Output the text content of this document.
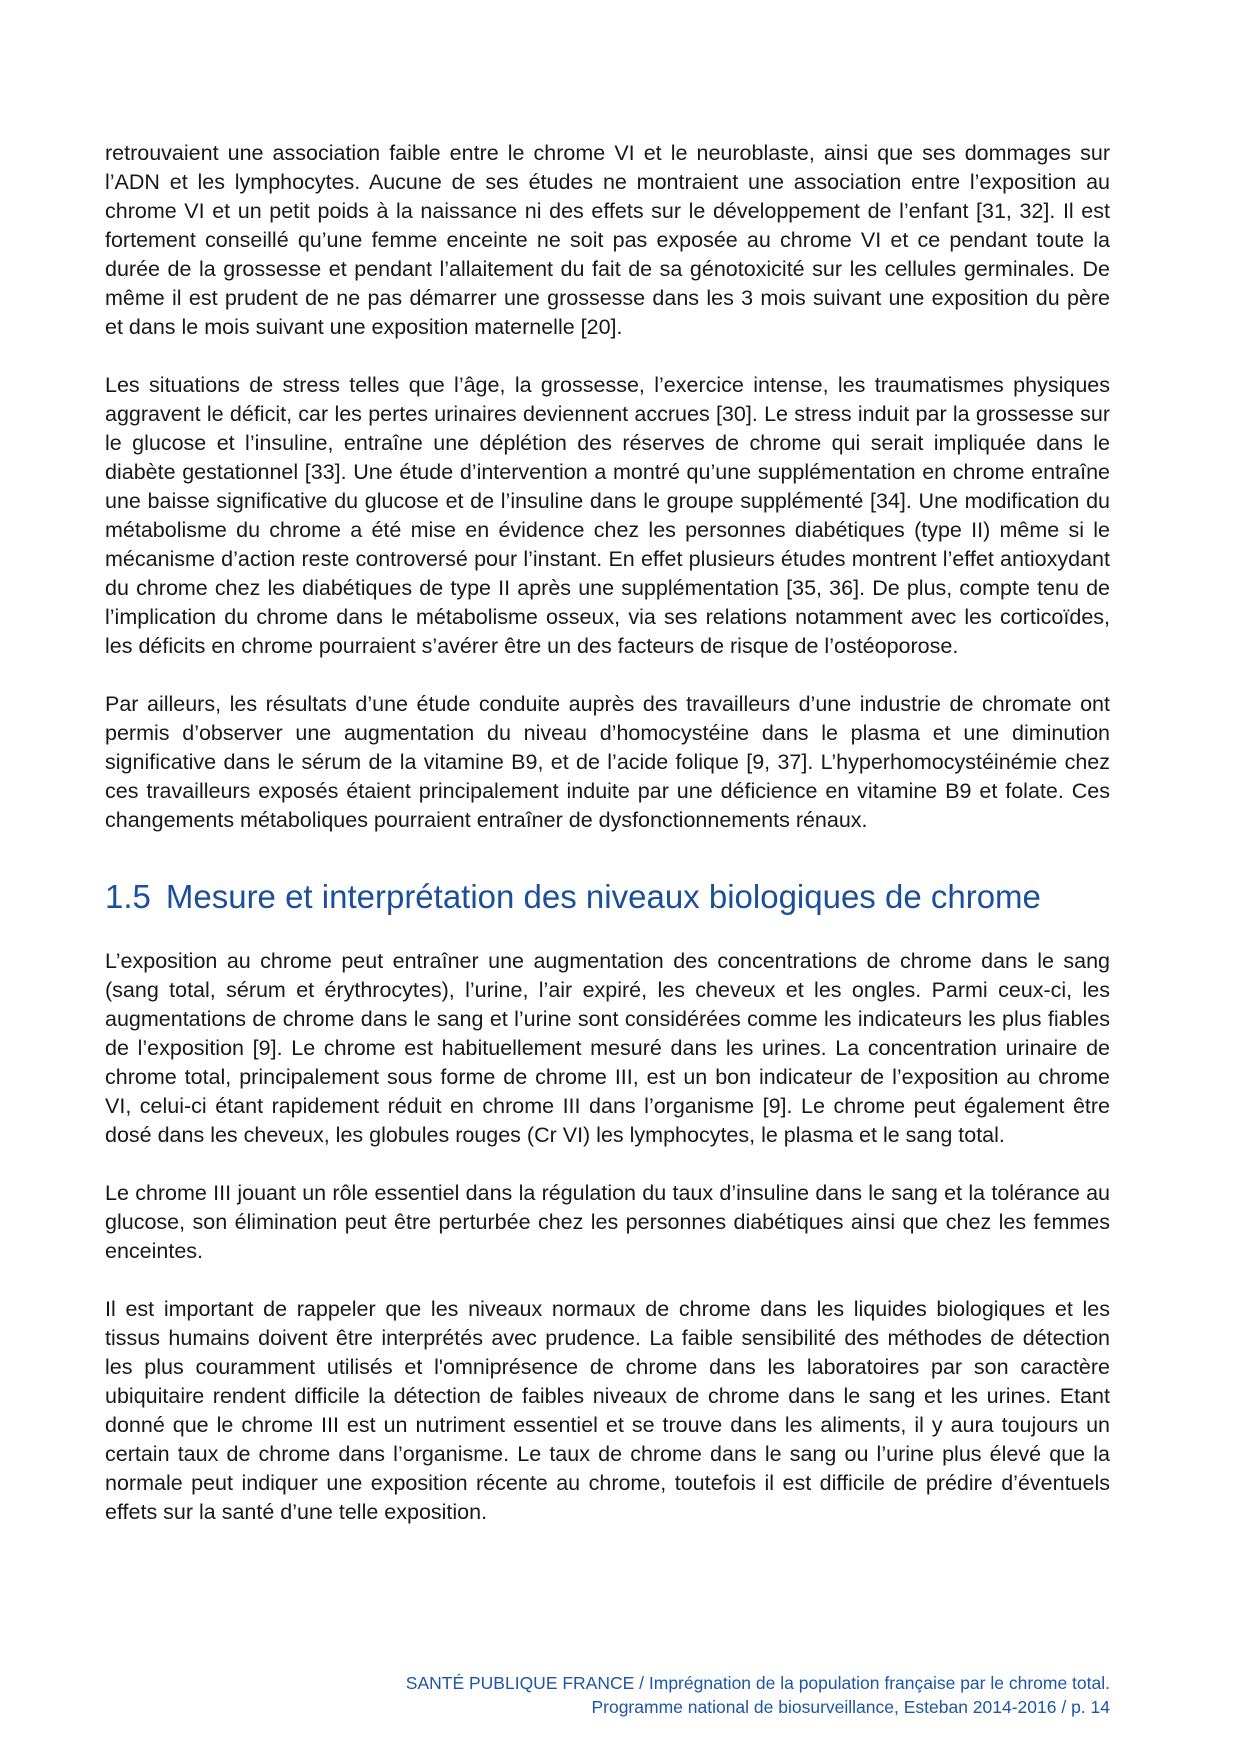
retrouvaient une association faible entre le chrome VI et le neuroblaste, ainsi que ses dommages sur l’ADN et les lymphocytes. Aucune de ses études ne montraient une association entre l’exposition au chrome VI et un petit poids à la naissance ni des effets sur le développement de l’enfant [31, 32]. Il est fortement conseillé qu’une femme enceinte ne soit pas exposée au chrome VI et ce pendant toute la durée de la grossesse et pendant l’allaitement du fait de sa génotoxicité sur les cellules germinales. De même il est prudent de ne pas démarrer une grossesse dans les 3 mois suivant une exposition du père et dans le mois suivant une exposition maternelle [20].

Les situations de stress telles que l’âge, la grossesse, l’exercice intense, les traumatismes physiques aggravent le déficit, car les pertes urinaires deviennent accrues [30]. Le stress induit par la grossesse sur le glucose et l’insuline, entraîne une déplétion des réserves de chrome qui serait impliquée dans le diabète gestationnel [33]. Une étude d’intervention a montré qu’une supplémentation en chrome entraîne une baisse significative du glucose et de l’insuline dans le groupe supplémenté [34]. Une modification du métabolisme du chrome a été mise en évidence chez les personnes diabétiques (type II) même si le mécanisme d’action reste controversé pour l’instant. En effet plusieurs études montrent l’effet antioxydant du chrome chez les diabétiques de type II après une supplémentation [35, 36]. De plus, compte tenu de l’implication du chrome dans le métabolisme osseux, via ses relations notamment avec les corticoïdes, les déficits en chrome pourraient s’avérer être un des facteurs de risque de l’ostéoporose.

Par ailleurs, les résultats d’une étude conduite auprès des travailleurs d’une industrie de chromate ont permis d’observer une augmentation du niveau d’homocystéine dans le plasma et une diminution significative dans le sérum de la vitamine B9, et de l’acide folique [9, 37]. L’hyperhomocystéinémie chez ces travailleurs exposés étaient principalement induite par une déficience en vitamine B9 et folate. Ces changements métaboliques pourraient entraîner de dysfonctionnements rénaux.

1.5 Mesure et interprétation des niveaux biologiques de chrome

L’exposition au chrome peut entraîner une augmentation des concentrations de chrome dans le sang (sang total, sérum et érythrocytes), l’urine, l’air expiré, les cheveux et les ongles. Parmi ceux-ci, les augmentations de chrome dans le sang et l’urine sont considérées comme les indicateurs les plus fiables de l’exposition [9]. Le chrome est habituellement mesuré dans les urines. La concentration urinaire de chrome total, principalement sous forme de chrome III, est un bon indicateur de l’exposition au chrome VI, celui-ci étant rapidement réduit en chrome III dans l’organisme [9]. Le chrome peut également être dosé dans les cheveux, les globules rouges (Cr VI) les lymphocytes, le plasma et le sang total.

Le chrome III jouant un rôle essentiel dans la régulation du taux d’insuline dans le sang et la tolérance au glucose, son élimination peut être perturbée chez les personnes diabétiques ainsi que chez les femmes enceintes.

Il est important de rappeler que les niveaux normaux de chrome dans les liquides biologiques et les tissus humains doivent être interprétés avec prudence. La faible sensibilité des méthodes de détection les plus couramment utilisés et l'omniprésence de chrome dans les laboratoires par son caractère ubiquitaire rendent difficile la détection de faibles niveaux de chrome dans le sang et les urines. Etant donné que le chrome III est un nutriment essentiel et se trouve dans les aliments, il y aura toujours un certain taux de chrome dans l’organisme. Le taux de chrome dans le sang ou l’urine plus élevé que la normale peut indiquer une exposition récente au chrome, toutefois il est difficile de prédire d’éventuels effets sur la santé d’une telle exposition.

SANTÉ PUBLIQUE FRANCE / Imprégnation de la population française par le chrome total.
Programme national de biosurveillance, Esteban 2014-2016 / p. 14
